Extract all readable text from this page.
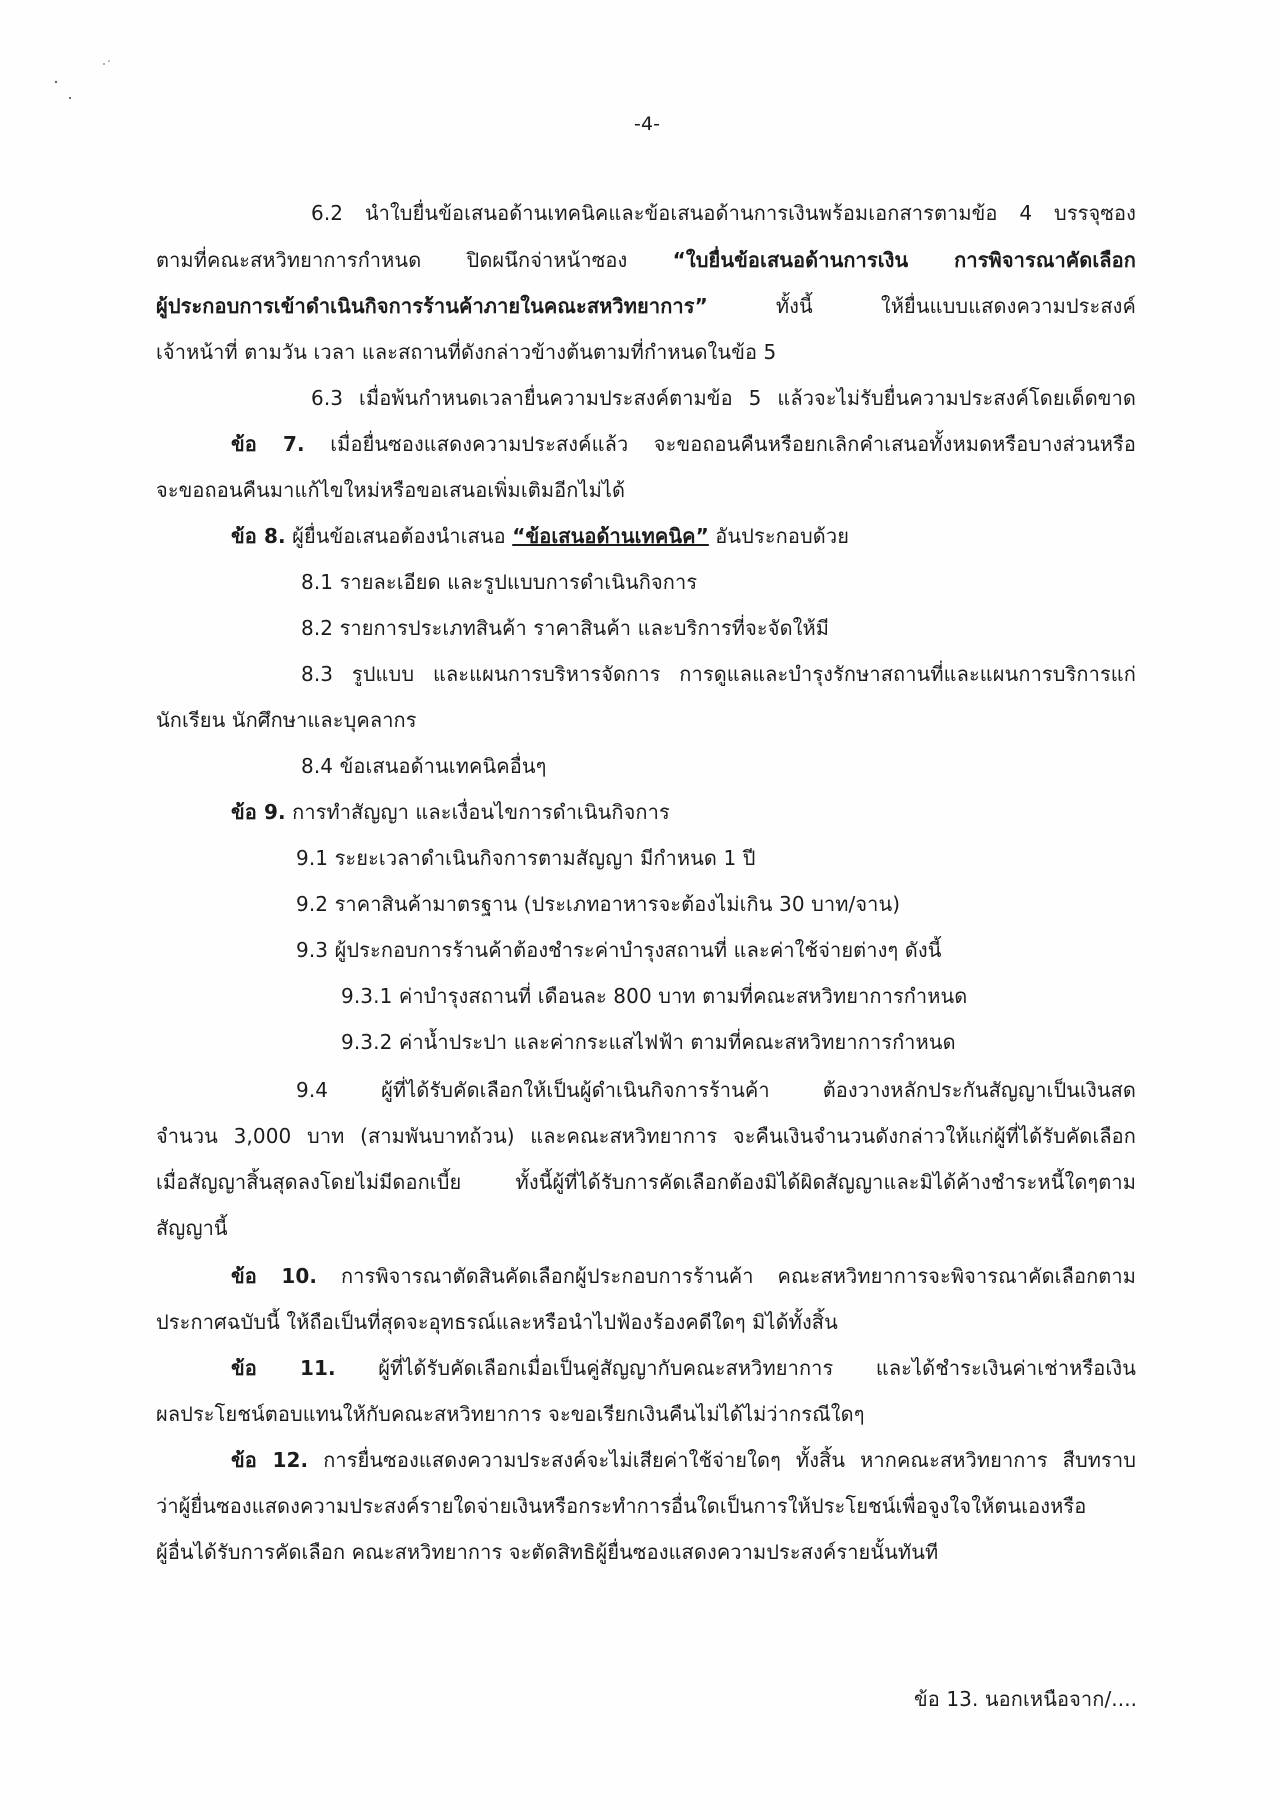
-4-
6.2 นำใบยื่นข้อเสนอด้านเทคนิคและข้อเสนอด้านการเงินพร้อมเอกสารตามข้อ 4 บรรจุซอง
ตามที่คณะสหวิทยาการกำหนด ปิดผนึกจ่าหน้าซอง “ใบยื่นข้อเสนอด้านการเงิน การพิจารณาคัดเลือก
ผู้ประกอบการเข้าดำเนินกิจการร้านค้าภายในคณะสหวิทยาการ” ทั้งนี้ ให้ยื่นแบบแสดงความประสงค์
เจ้าหน้าที่ ตามวัน เวลา และสถานที่ดังกล่าวข้างต้นตามที่กำหนดในข้อ 5
6.3 เมื่อพ้นกำหนดเวลายื่นความประสงค์ตามข้อ 5 แล้วจะไม่รับยื่นความประสงค์โดยเด็ดขาด
ข้อ 7. เมื่อยื่นซองแสดงความประสงค์แล้ว จะขอถอนคืนหรือยกเลิกคำเสนอทั้งหมดหรือบางส่วนหรือ
จะขอถอนคืนมาแก้ไขใหม่หรือขอเสนอเพิ่มเติมอีกไม่ได้
ข้อ 8. ผู้ยื่นข้อเสนอต้องนำเสนอ “ข้อเสนอด้านเทคนิค” อันประกอบด้วย
8.1 รายละเอียด และรูปแบบการดำเนินกิจการ
8.2 รายการประเภทสินค้า ราคาสินค้า และบริการที่จะจัดให้มี
8.3 รูปแบบ และแผนการบริหารจัดการ การดูแลและบำรุงรักษาสถานที่และแผนการบริการแก่
นักเรียน นักศึกษาและบุคลากร
8.4 ข้อเสนอด้านเทคนิคอื่นๆ
ข้อ 9. การทำสัญญา และเงื่อนไขการดำเนินกิจการ
9.1 ระยะเวลาดำเนินกิจการตามสัญญา มีกำหนด 1 ปี
9.2 ราคาสินค้ามาตรฐาน (ประเภทอาหารจะต้องไม่เกิน 30 บาท/จาน)
9.3 ผู้ประกอบการร้านค้าต้องชำระค่าบำรุงสถานที่ และค่าใช้จ่ายต่างๆ ดังนี้
9.3.1 ค่าบำรุงสถานที่ เดือนละ 800 บาท ตามที่คณะสหวิทยาการกำหนด
9.3.2 ค่าน้ำประปา และค่ากระแสไฟฟ้า ตามที่คณะสหวิทยาการกำหนด
9.4 ผู้ที่ได้รับคัดเลือกให้เป็นผู้ดำเนินกิจการร้านค้า ต้องวางหลักประกันสัญญาเป็นเงินสด
จำนวน 3,000 บาท (สามพันบาทถ้วน) และคณะสหวิทยาการ จะคืนเงินจำนวนดังกล่าวให้แก่ผู้ที่ได้รับคัดเลือก
เมื่อสัญญาสิ้นสุดลงโดยไม่มีดอกเบี้ย ทั้งนี้ผู้ที่ได้รับการคัดเลือกต้องมิได้ผิดสัญญาและมิได้ค้างชำระหนี้ใดๆตาม
สัญญานี้
ข้อ 10. การพิจารณาตัดสินคัดเลือกผู้ประกอบการร้านค้า คณะสหวิทยาการจะพิจารณาคัดเลือกตาม
ประกาศฉบับนี้ ให้ถือเป็นที่สุดจะอุทธรณ์และหรือนำไปฟ้องร้องคดีใดๆ มิได้ทั้งสิ้น
ข้อ 11. ผู้ที่ได้รับคัดเลือกเมื่อเป็นคู่สัญญากับคณะสหวิทยาการ และได้ชำระเงินค่าเช่าหรือเงิน
ผลประโยชน์ตอบแทนให้กับคณะสหวิทยาการ จะขอเรียกเงินคืนไม่ได้ไม่ว่ากรณีใดๆ
ข้อ 12. การยื่นซองแสดงความประสงค์จะไม่เสียค่าใช้จ่ายใดๆ ทั้งสิ้น หากคณะสหวิทยาการ สืบทราบ
ว่าผู้ยื่นซองแสดงความประสงค์รายใดจ่ายเงินหรือกระทำการอื่นใดเป็นการให้ประโยชน์เพื่อจูงใจให้ตนเองหรือ
ผู้อื่นได้รับการคัดเลือก คณะสหวิทยาการ จะตัดสิทธิผู้ยื่นซองแสดงความประสงค์รายนั้นทันที
ข้อ 13. นอกเหนือจาก/....
